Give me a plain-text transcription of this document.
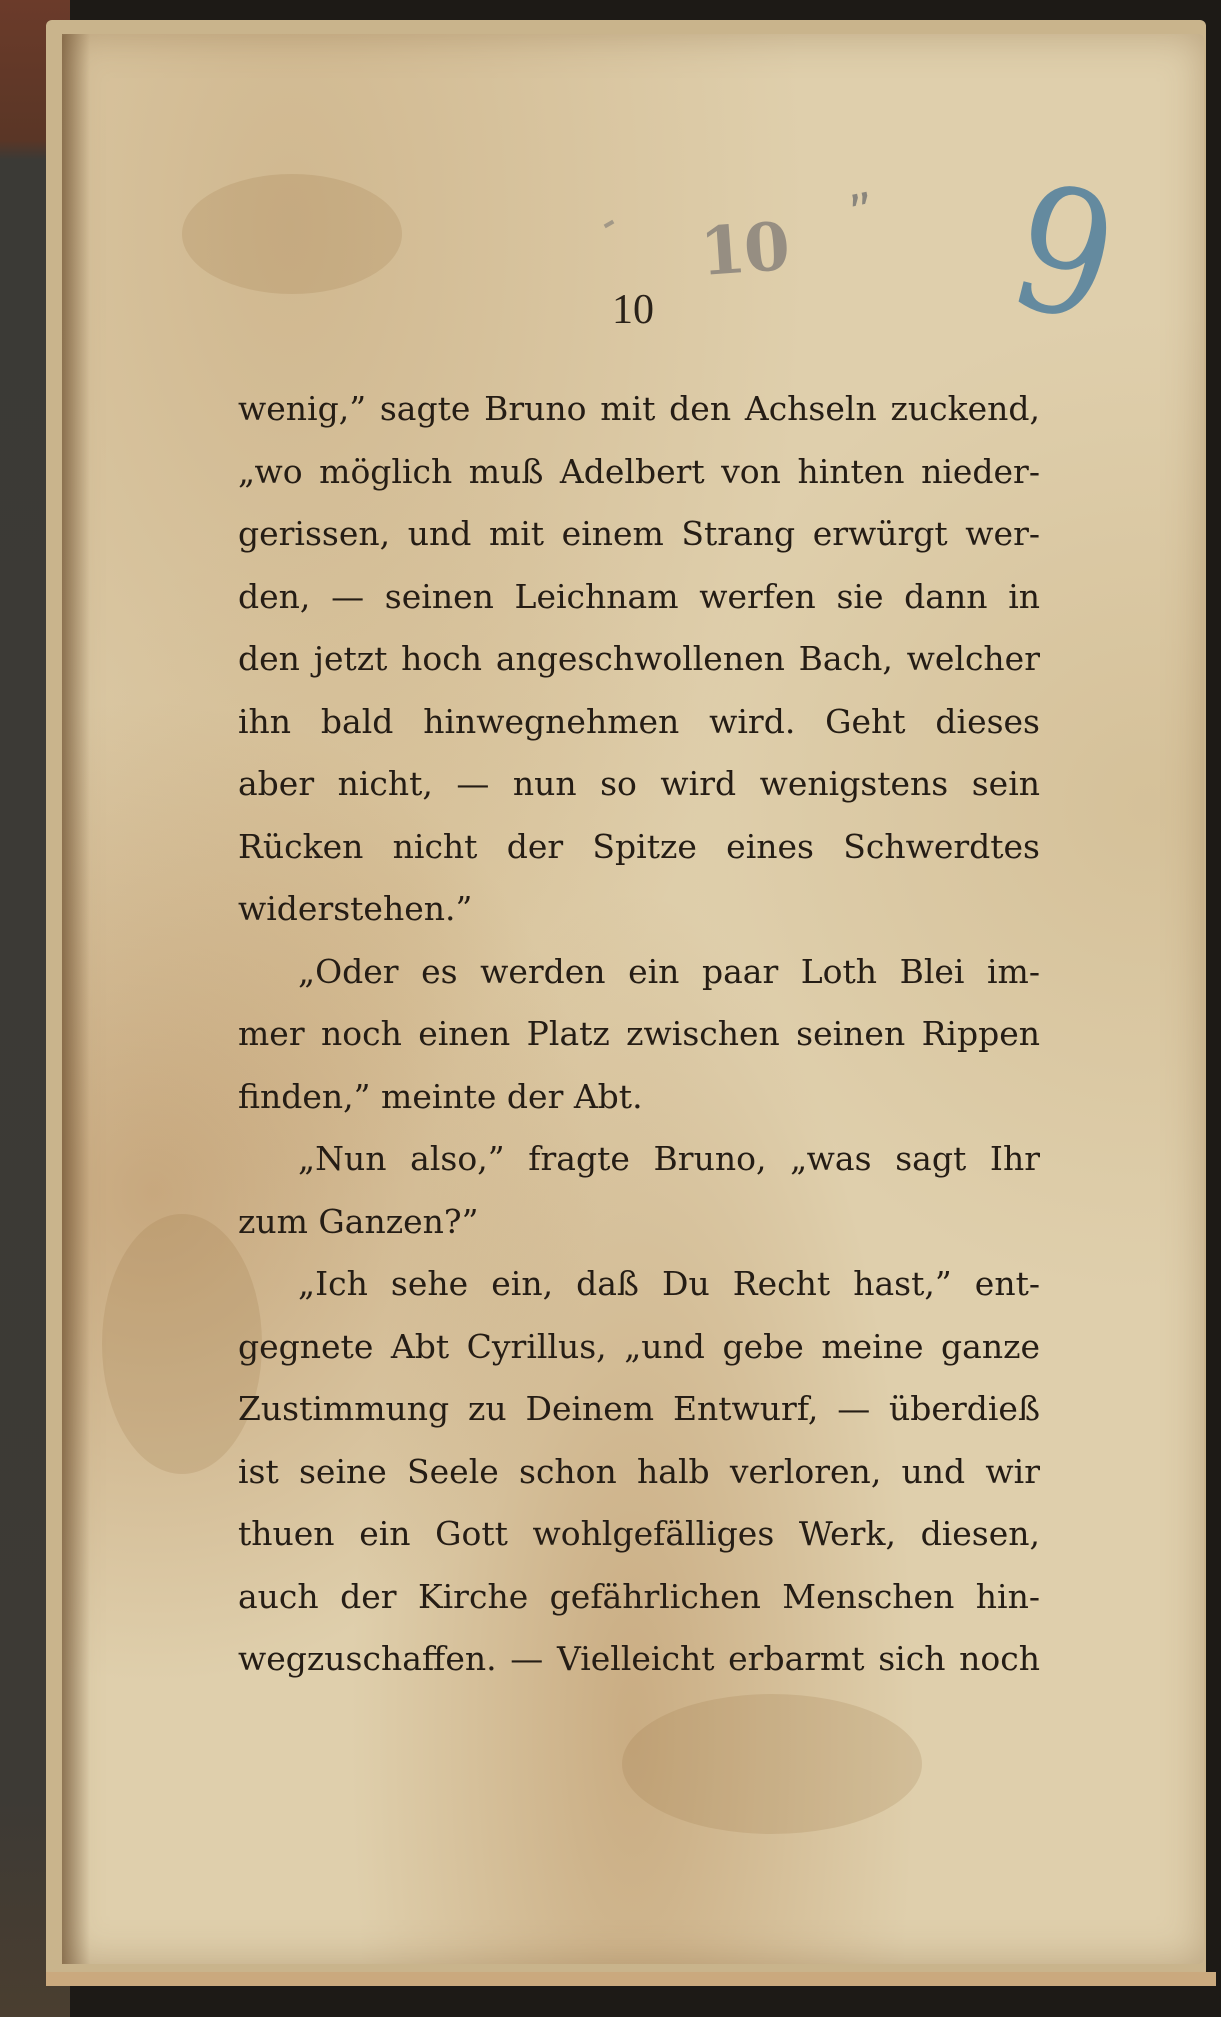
10 ” 9
10
wenig,” sagte Bruno mit den Achseln zuckend,
„wo möglich muß Adelbert von hinten nieder-
gerissen, und mit einem Strang erwürgt wer-
den, — seinen Leichnam werfen sie dann in
den jetzt hoch angeschwollenen Bach, welcher
ihn bald hinwegnehmen wird. Geht dieses
aber nicht, — nun so wird wenigstens sein
Rücken nicht der Spitze eines Schwerdtes
widerstehen.”
„Oder es werden ein paar Loth Blei im-
mer noch einen Platz zwischen seinen Rippen
finden,” meinte der Abt.
„Nun also,” fragte Bruno, „was sagt Ihr
zum Ganzen?”
„Ich sehe ein, daß Du Recht hast,” ent-
gegnete Abt Cyrillus, „und gebe meine ganze
Zustimmung zu Deinem Entwurf, — überdieß
ist seine Seele schon halb verloren, und wir
thuen ein Gott wohlgefälliges Werk, diesen,
auch der Kirche gefährlichen Menschen hin-
wegzuschaffen. — Vielleicht erbarmt sich noch
